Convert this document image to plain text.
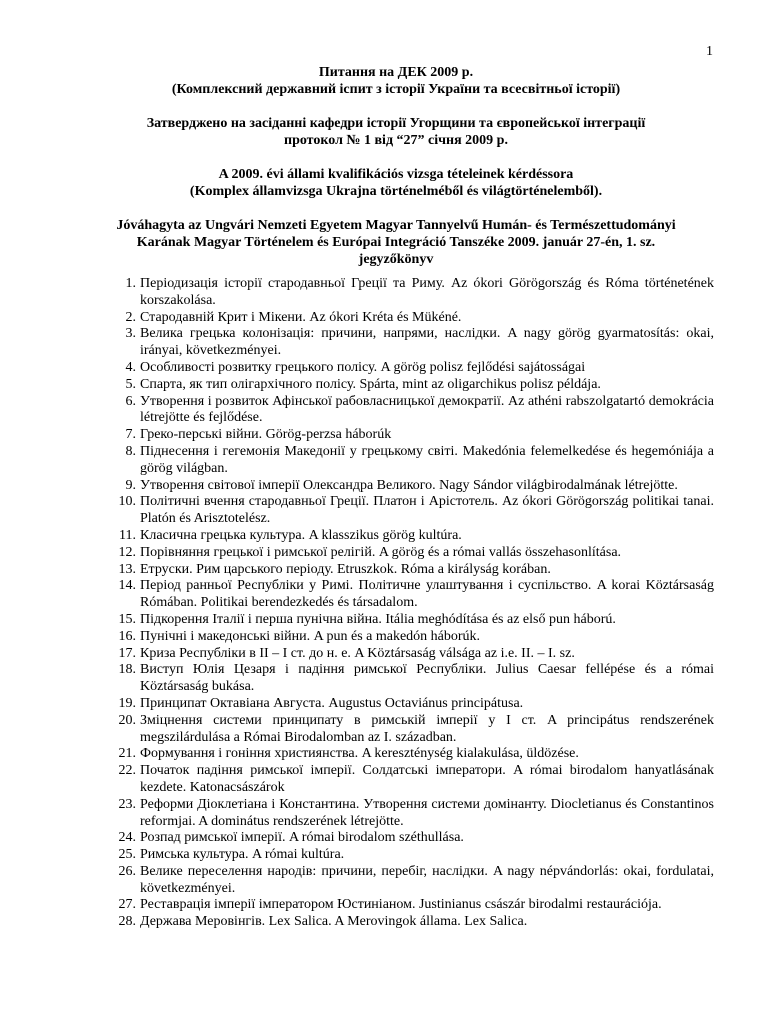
1

Питання на ДЕК 2009 р.

(Комплексний державний іспит з історії України та всесвітньої історії)

Затверджено на засіданні кафедри історії Угорщини та європейської інтеграції

протокол № 1 від “27” січня 2009 р.

A 2009. évi állami kvalifikációs vizsga tételeinek kérdéssora

(Komplex államvizsga Ukrajna történelméből és világtörténelemből).

Jóváhagyta az Ungvári Nemzeti Egyetem Magyar Tannyelvű Humán- és Természettudományi

Karának Magyar Történelem és Európai Integráció Tanszéke 2009. január 27-én, 1. sz.

jegyzőkönyv

1. Періодизація історії стародавньої Греції та Риму. Az ókori Görögország és Róma történetének korszakolása.
2. Стародавній Крит і Мікени. Az ókori Kréta és Mükéné.
3. Велика грецька колонізація: причини, напрями, наслідки. A nagy görög gyarmatosítás: okai, irányai, következményei.
4. Особливості розвитку грецького полісу. A görög polisz fejlődési sajátosságai
5. Спарта, як тип олігархічного полісу. Spárta, mint az oligarchikus polisz példája.
6. Утворення і розвиток Афінської рабовласницької демократії. Az athéni rabszolgatartó demokrácia létrejötte és fejlődése.
7. Греко-перські війни. Görög-perzsa háborúk
8. Піднесення і гегемонія Македонії у грецькому світі. Makedónia felemelkedése és hegemóniája a görög világban.
9. Утворення світової імперії Олександра Великого. Nagy Sándor világbirodalmának létrejötte.
10. Політичні вчення стародавньої Греції. Платон і Арістотель. Az ókori Görögország politikai tanai. Platón és Arisztotelész.
11. Класична грецька культура. A klasszikus görög kultúra.
12. Порівняння грецької і римської релігій. A görög és a római vallás összehasonlítása.
13. Етруски. Рим царського періоду. Etruszkok. Róma a királyság korában.
14. Період ранньої Республіки у Римі. Політичне улаштування і суспільство. A korai Köztársaság Rómában. Politikai berendezkedés és társadalom.
15. Підкорення Італії і перша пунічна війна. Itália meghódítása és az első pun háború.
16. Пунічні і македонські війни. A pun és a makedón háborúk.
17. Криза Республіки в II – I ст. до н. е. A Köztársaság válsága az i.e. II. – I. sz.
18. Виступ Юлія Цезаря і падіння римської Республіки. Julius Caesar fellépése és a római Köztársaság bukása.
19. Принципат Октавіана Августа. Augustus Octaviánus principátusa.
20. Зміцнення системи принципату в римській імперії у I ст. A principátus rendszerének megszilárdulása a Római Birodalomban az I. században.
21. Формування і гоніння християнства. A kereszténység kialakulása, üldözése.
22. Початок падіння римської імперії. Солдатські імператори. A római birodalom hanyatlásának kezdete. Katonacsászárok
23. Реформи Діоклетіана і Константина. Утворення системи домінанту. Diocletianus és Constantinos reformjai. A dominátus rendszerének létrejötte.
24. Розпад римської імперії. A római birodalom széthullása.
25. Римська культура. A római kultúra.
26. Велике переселення народів: причини, перебіг, наслідки. A nagy népvándorlás: okai, fordulatai, következményei.
27. Реставрація імперії імператором Юстиніаном. Justinianus császár birodalmi restaurációja.
28. Держава Меровінгів. Lex Salica. A Merovingok állama. Lex Salica.
